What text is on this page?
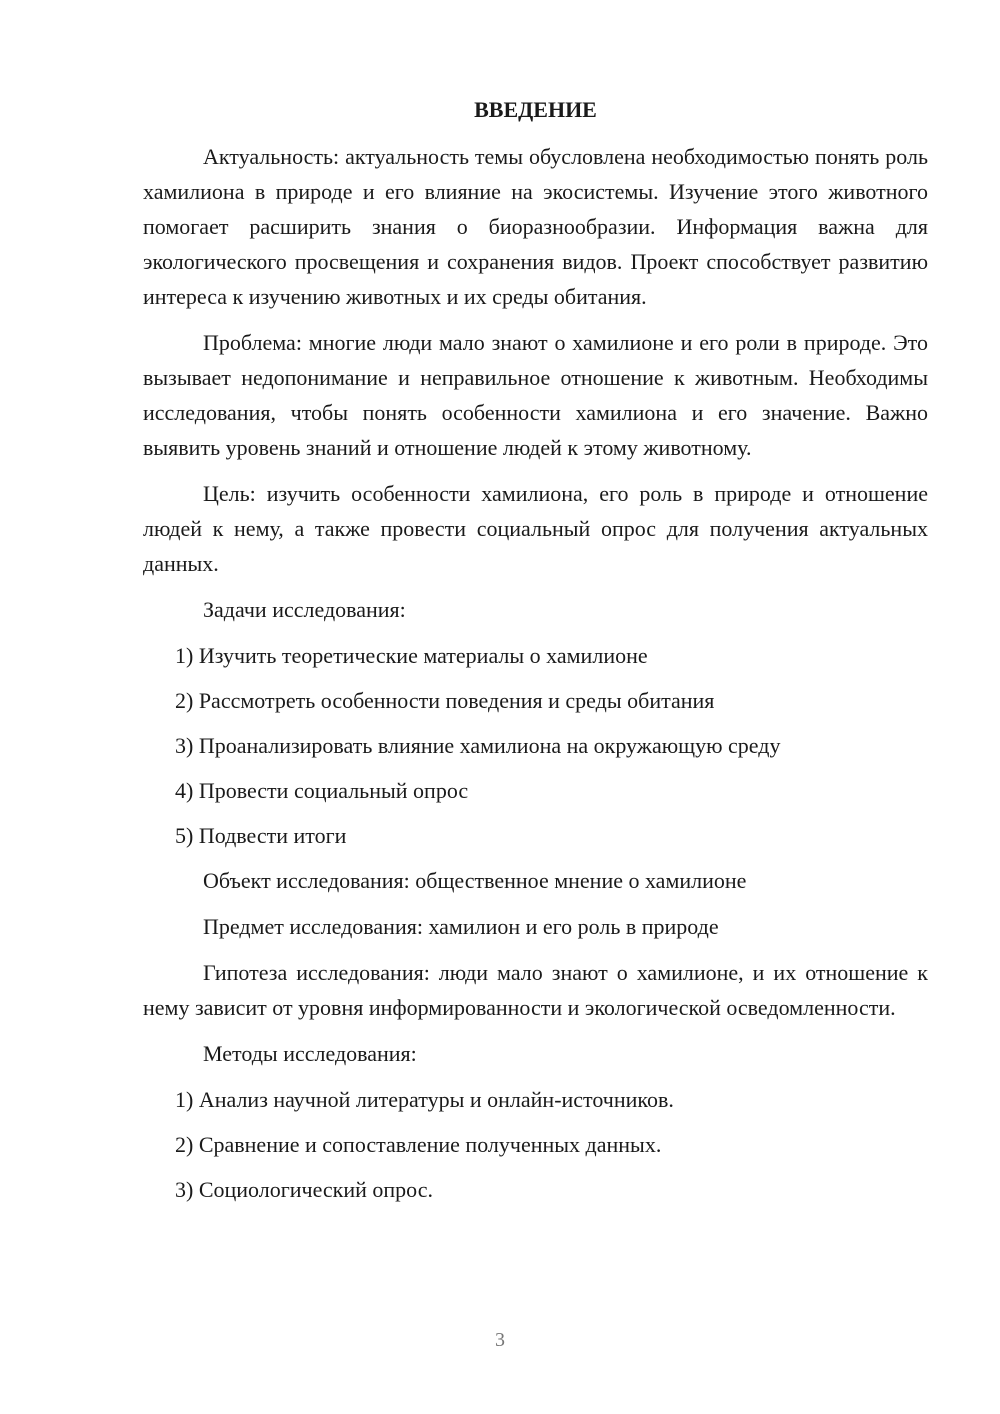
ВВЕДЕНИЕ

Актуальность: актуальность темы обусловлена необходимостью понять роль хамилиона в природе и его влияние на экосистемы. Изучение этого животного помогает расширить знания о биоразнообразии. Информация важна для экологического просвещения и сохранения видов. Проект способствует развитию интереса к изучению животных и их среды обитания.

Проблема: многие люди мало знают о хамилионе и его роли в природе. Это вызывает недопонимание и неправильное отношение к животным. Необходимы исследования, чтобы понять особенности хамилиона и его значение. Важно выявить уровень знаний и отношение людей к этому животному.

Цель: изучить особенности хамилиона, его роль в природе и отношение людей к нему, а также провести социальный опрос для получения актуальных данных.

Задачи исследования:

1) Изучить теоретические материалы о хамилионе

2) Рассмотреть особенности поведения и среды обитания

3) Проанализировать влияние хамилиона на окружающую среду

4) Провести социальный опрос

5) Подвести итоги

Объект исследования: общественное мнение о хамилионе

Предмет исследования: хамилион и его роль в природе

Гипотеза исследования: люди мало знают о хамилионе, и их отношение к нему зависит от уровня информированности и экологической осведомленности.

Методы исследования:

1) Анализ научной литературы и онлайн-источников.

2) Сравнение и сопоставление полученных данных.

3) Социологический опрос.

3
